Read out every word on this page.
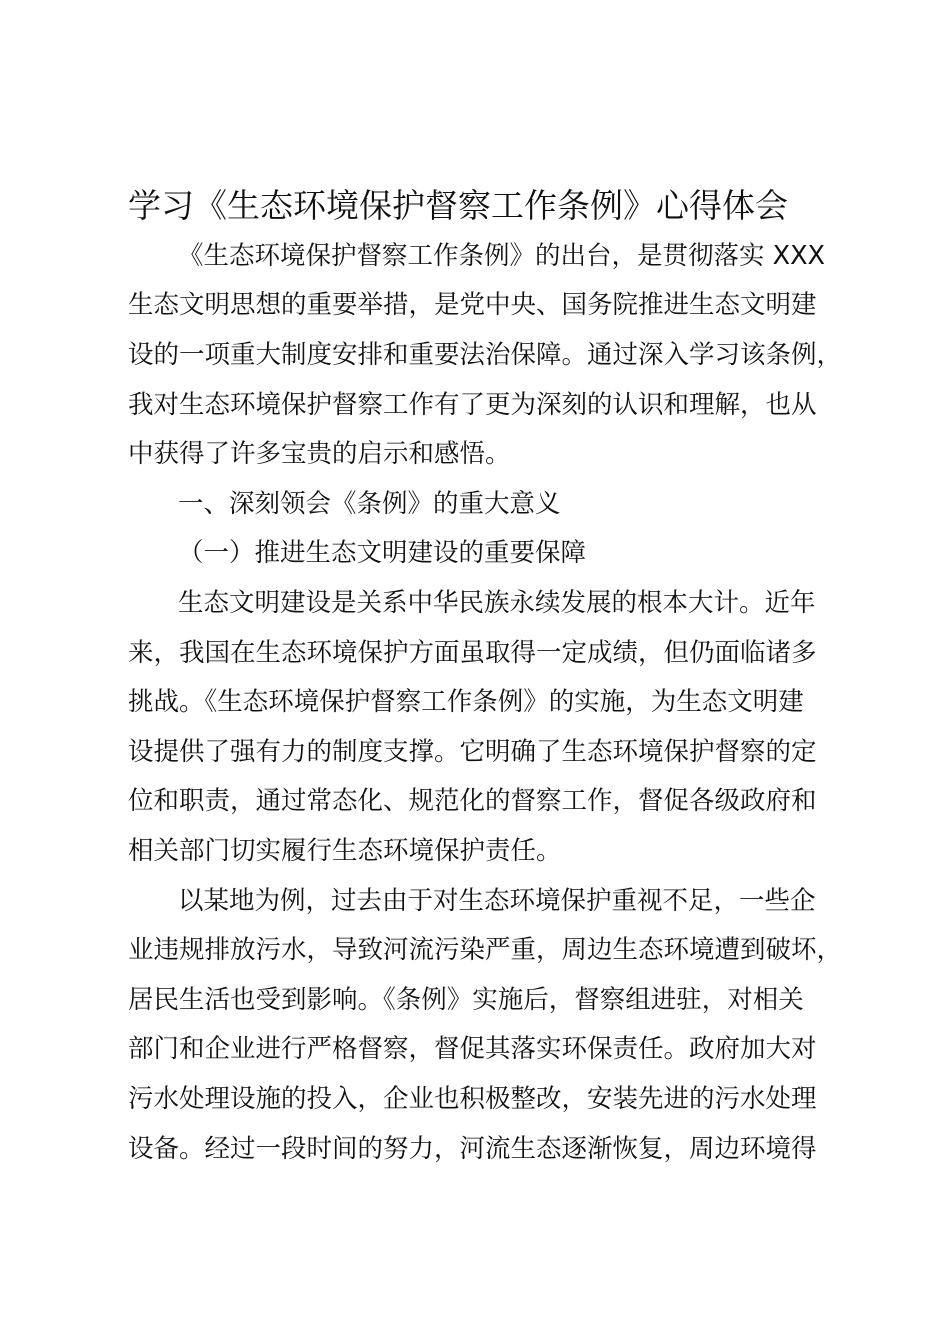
学习《生态环境保护督察工作条例》心得体会

《生态环境保护督察工作条例》的出台，是贯彻落实 XXX

生态文明思想的重要举措，是党中央、国务院推进生态文明建

设的一项重大制度安排和重要法治保障。通过深入学习该条例，

我对生态环境保护督察工作有了更为深刻的认识和理解，也从

中获得了许多宝贵的启示和感悟。

一、深刻领会《条例》的重大意义

（一）推进生态文明建设的重要保障

生态文明建设是关系中华民族永续发展的根本大计。近年

来，我国在生态环境保护方面虽取得一定成绩，但仍面临诸多

挑战。《生态环境保护督察工作条例》的实施，为生态文明建

设提供了强有力的制度支撑。它明确了生态环境保护督察的定

位和职责，通过常态化、规范化的督察工作，督促各级政府和

相关部门切实履行生态环境保护责任。

以某地为例，过去由于对生态环境保护重视不足，一些企

业违规排放污水，导致河流污染严重，周边生态环境遭到破坏，

居民生活也受到影响。《条例》实施后，督察组进驻，对相关

部门和企业进行严格督察，督促其落实环保责任。政府加大对

污水处理设施的投入，企业也积极整改，安装先进的污水处理

设备。经过一段时间的努力，河流生态逐渐恢复，周边环境得
